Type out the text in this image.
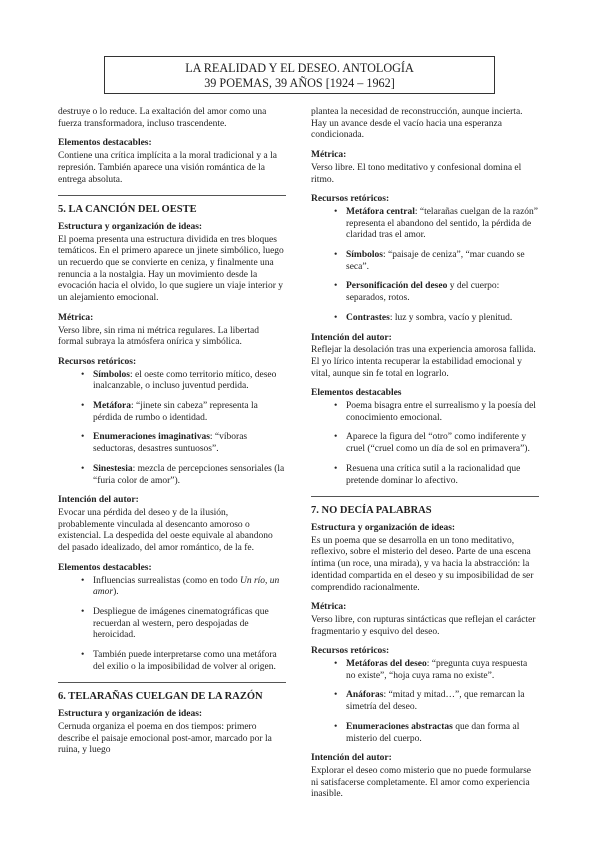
LA REALIDAD Y EL DESEO. ANTOLOGÍA
39 POEMAS, 39 AÑOS [1924 – 1962]

destruye o lo reduce. La exaltación del amor como una fuerza transformadora, incluso trascendente.

Elementos destacables:

Contiene una crítica implícita a la moral tradicional y a la represión. También aparece una visión romántica de la entrega absoluta.

5. LA CANCIÓN DEL OESTE

Estructura y organización de ideas:

El poema presenta una estructura dividida en tres bloques temáticos. En el primero aparece un jinete simbólico, luego un recuerdo que se convierte en ceniza, y finalmente una renuncia a la nostalgia. Hay un movimiento desde la evocación hacia el olvido, lo que sugiere un viaje interior y un alejamiento emocional.

Métrica:

Verso libre, sin rima ni métrica regulares. La libertad formal subraya la atmósfera onírica y simbólica.

Recursos retóricos:

• Símbolos: el oeste como territorio mítico, deseo inalcanzable, o incluso juventud perdida.
• Metáfora: “jinete sin cabeza” representa la pérdida de rumbo o identidad.
• Enumeraciones imaginativas: “víboras seductoras, desastres suntuosos”.
• Sinestesia: mezcla de percepciones sensoriales (la “furia color de amor”).

Intención del autor:

Evocar una pérdida del deseo y de la ilusión, probablemente vinculada al desencanto amoroso o existencial. La despedida del oeste equivale al abandono del pasado idealizado, del amor romántico, de la fe.

Elementos destacables:

• Influencias surrealistas (como en todo Un río, un amor).
• Despliegue de imágenes cinematográficas que recuerdan al western, pero despojadas de heroicidad.
• También puede interpretarse como una metáfora del exilio o la imposibilidad de volver al origen.

6. TELARAÑAS CUELGAN DE LA RAZÓN

Estructura y organización de ideas:

Cernuda organiza el poema en dos tiempos: primero describe el paisaje emocional post-amor, marcado por la ruina, y luego

plantea la necesidad de reconstrucción, aunque incierta. Hay un avance desde el vacío hacia una esperanza condicionada.

Métrica:

Verso libre. El tono meditativo y confesional domina el ritmo.

Recursos retóricos:

• Metáfora central: “telarañas cuelgan de la razón” representa el abandono del sentido, la pérdida de claridad tras el amor.
• Símbolos: “paisaje de ceniza”, “mar cuando se seca”.
• Personificación del deseo y del cuerpo: separados, rotos.
• Contrastes: luz y sombra, vacío y plenitud.

Intención del autor:

Reflejar la desolación tras una experiencia amorosa fallida. El yo lírico intenta recuperar la estabilidad emocional y vital, aunque sin fe total en lograrlo.

Elementos destacables

• Poema bisagra entre el surrealismo y la poesía del conocimiento emocional.
• Aparece la figura del “otro” como indiferente y cruel (“cruel como un día de sol en primavera”).
• Resuena una crítica sutil a la racionalidad que pretende dominar lo afectivo.

7. NO DECÍA PALABRAS

Estructura y organización de ideas:

Es un poema que se desarrolla en un tono meditativo, reflexivo, sobre el misterio del deseo. Parte de una escena íntima (un roce, una mirada), y va hacia la abstracción: la identidad compartida en el deseo y su imposibilidad de ser comprendido racionalmente.

Métrica:

Verso libre, con rupturas sintácticas que reflejan el carácter fragmentario y esquivo del deseo.

Recursos retóricos:

• Metáforas del deseo: “pregunta cuya respuesta no existe”, “hoja cuya rama no existe”.
• Anáforas: “mitad y mitad…”, que remarcan la simetría del deseo.
• Enumeraciones abstractas que dan forma al misterio del cuerpo.

Intención del autor:

Explorar el deseo como misterio que no puede formularse ni satisfacerse completamente. El amor como experiencia inasible.
